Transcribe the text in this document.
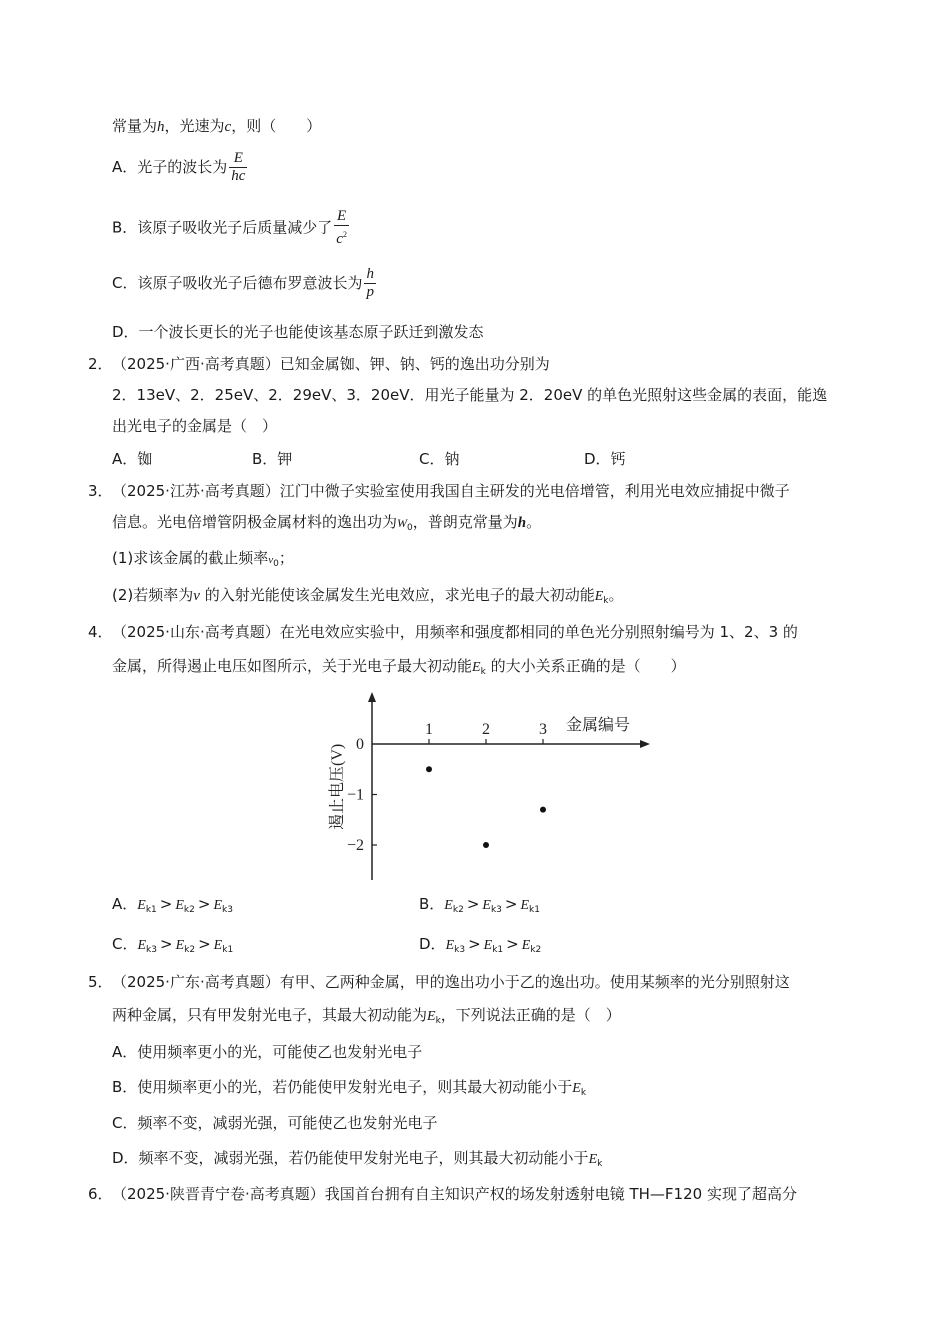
常量为h，光速为c，则（　　）
A．光子的波长为 $\frac{E}{hc}$
B．该原子吸收光子后质量减少了 $\frac{E}{c^2}$
C．该原子吸收光子后德布罗意波长为 $\frac{h}{p}$
D．一个波长更长的光子也能使该基态原子跃迁到激发态
2． （2025·广西·高考真题）已知金属铷、钾、钠、钙的逸出功分别为
2．13eV、2．25eV、2．29eV、3．20eV．用光子能量为 2．20eV 的单色光照射这些金属的表面，能逸
出光电子的金属是（　）
A．铷	B．钾	C．钠	D．钙
3． （2025·江苏·高考真题）江门中微子实验室使用我国自主研发的光电倍增管，利用光电效应捕捉中微子
信息。光电倍增管阴极金属材料的逸出功为$W_0$，普朗克常量为h。
(1)求该金属的截止频率$\nu_0$；
(2)若频率为ν 的入射光能使该金属发生光电效应，求光电子的最大初动能$E_k$。
4． （2025·山东·高考真题）在光电效应实验中，用频率和强度都相同的单色光分别照射编号为 1、2、3 的
金属，所得遏止电压如图所示，关于光电子最大初动能$E_k$ 的大小关系正确的是（　　）
金属编号
遏止电压(V)
1	2	3
0
−1
−2
A．$E_{k1} > E_{k2} > E_{k3}$	B．$E_{k2} > E_{k3} > E_{k1}$
C．$E_{k3} > E_{k2} > E_{k1}$	D．$E_{k3} > E_{k1} > E_{k2}$
5． （2025·广东·高考真题）有甲、乙两种金属，甲的逸出功小于乙的逸出功。使用某频率的光分别照射这
两种金属，只有甲发射光电子，其最大初动能为$E_k$，下列说法正确的是（　）
A．使用频率更小的光，可能使乙也发射光电子
B．使用频率更小的光，若仍能使甲发射光电子，则其最大初动能小于$E_k$
C．频率不变，减弱光强，可能使乙也发射光电子
D．频率不变，减弱光强，若仍能使甲发射光电子，则其最大初动能小于$E_k$
6． （2025·陕晋青宁卷·高考真题）我国首台拥有自主知识产权的场发射透射电镜 TH—F120 实现了超高分
